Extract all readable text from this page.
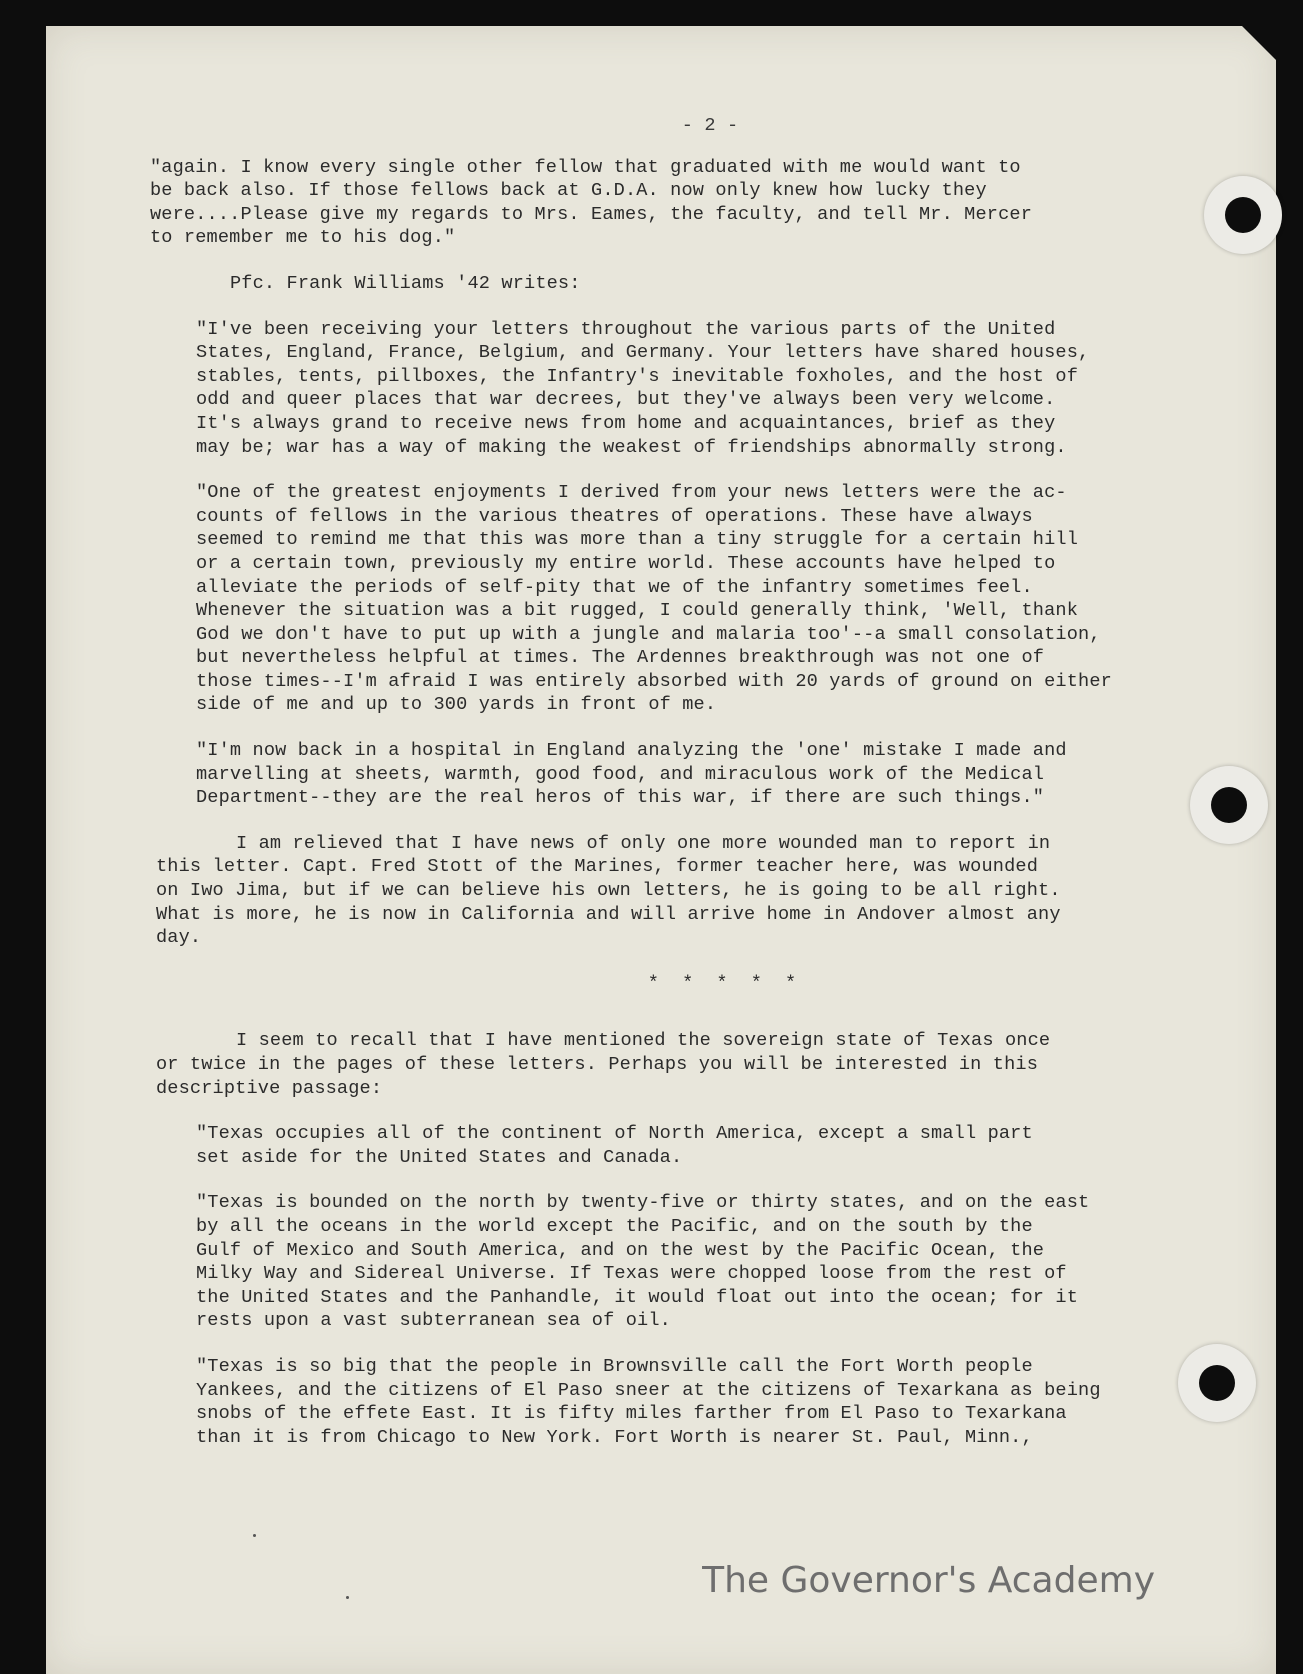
- 2 -
"again. I know every single other fellow that graduated with me would want to
be back also. If those fellows back at G.D.A. now only knew how lucky they
were....Please give my regards to Mrs. Eames, the faculty, and tell Mr. Mercer
to remember me to his dog."
Pfc. Frank Williams '42 writes:
"I've been receiving your letters throughout the various parts of the United
States, England, France, Belgium, and Germany. Your letters have shared houses,
stables, tents, pillboxes, the Infantry's inevitable foxholes, and the host of
odd and queer places that war decrees, but they've always been very welcome.
It's always grand to receive news from home and acquaintances, brief as they
may be; war has a way of making the weakest of friendships abnormally strong.
"One of the greatest enjoyments I derived from your news letters were the ac-
counts of fellows in the various theatres of operations. These have always
seemed to remind me that this was more than a tiny struggle for a certain hill
or a certain town, previously my entire world. These accounts have helped to
alleviate the periods of self-pity that we of the infantry sometimes feel.
Whenever the situation was a bit rugged, I could generally think, 'Well, thank
God we don't have to put up with a jungle and malaria too'--a small consolation,
but nevertheless helpful at times. The Ardennes breakthrough was not one of
those times--I'm afraid I was entirely absorbed with 20 yards of ground on either
side of me and up to 300 yards in front of me.
"I'm now back in a hospital in England analyzing the 'one' mistake I made and
marvelling at sheets, warmth, good food, and miraculous work of the Medical
Department--they are the real heros of this war, if there are such things."
I am relieved that I have news of only one more wounded man to report in
this letter. Capt. Fred Stott of the Marines, former teacher here, was wounded
on Iwo Jima, but if we can believe his own letters, he is going to be all right.
What is more, he is now in California and will arrive home in Andover almost any
day.
* * * * *
I seem to recall that I have mentioned the sovereign state of Texas once
or twice in the pages of these letters. Perhaps you will be interested in this
descriptive passage:
"Texas occupies all of the continent of North America, except a small part
set aside for the United States and Canada.
"Texas is bounded on the north by twenty-five or thirty states, and on the east
by all the oceans in the world except the Pacific, and on the south by the
Gulf of Mexico and South America, and on the west by the Pacific Ocean, the
Milky Way and Sidereal Universe. If Texas were chopped loose from the rest of
the United States and the Panhandle, it would float out into the ocean; for it
rests upon a vast subterranean sea of oil.
"Texas is so big that the people in Brownsville call the Fort Worth people
Yankees, and the citizens of El Paso sneer at the citizens of Texarkana as being
snobs of the effete East. It is fifty miles farther from El Paso to Texarkana
than it is from Chicago to New York. Fort Worth is nearer St. Paul, Minn.,
The Governor's Academy
